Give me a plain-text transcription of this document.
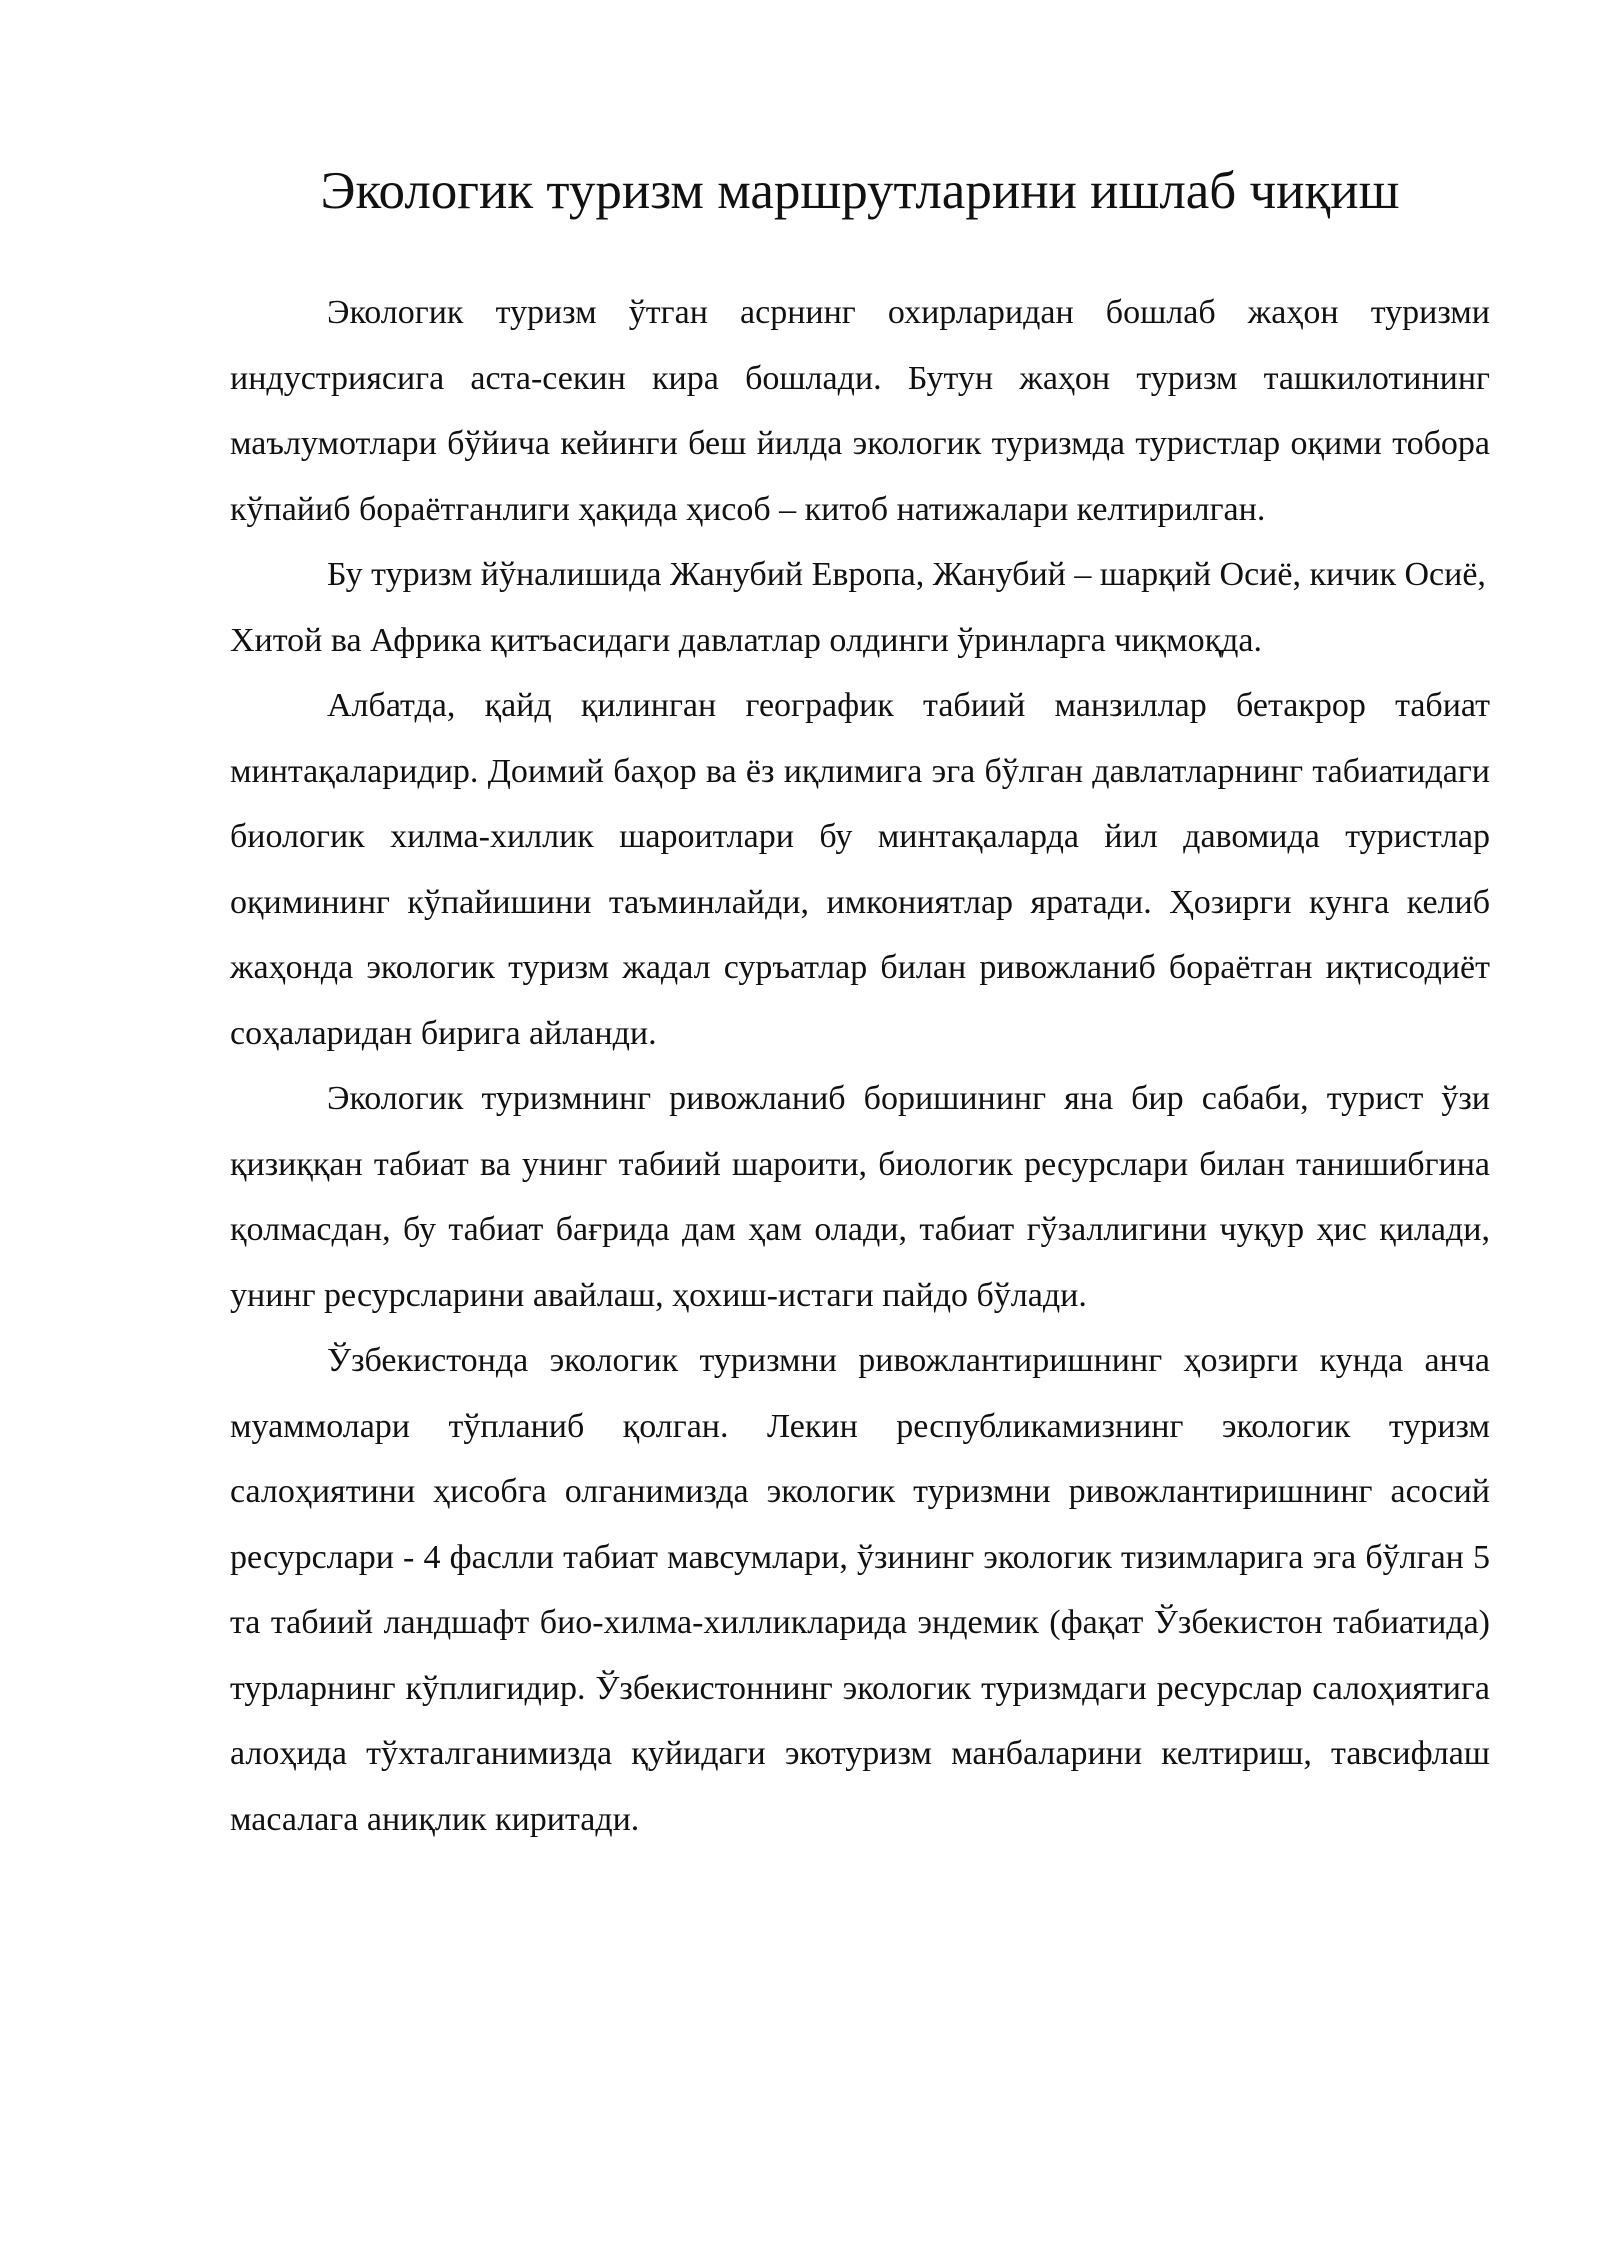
Экологик туризм маршрутларини ишлаб чиқиш

Экологик туризм ўтган асрнинг охирларидан бошлаб жаҳон туризми индустриясига аста-секин кира бошлади. Бутун жаҳон туризм ташкилотининг маълумотлари бўйича кейинги беш йилда экологик туризмда туристлар оқими тобора кўпайиб бораётганлиги ҳақида ҳисоб – китоб натижалари келтирилган.

Бу туризм йўналишида Жанубий Европа, Жанубий – шарқий Осиё, кичик Осиё, Хитой ва Африка қитъасидаги давлатлар олдинги ўринларга чиқмоқда.

Албатда, қайд қилинган географик табиий манзиллар бетакрор табиат минтақаларидир. Доимий баҳор ва ёз иқлимига эга бўлган давлатларнинг табиатидаги биологик хилма-хиллик шароитлари бу минтақаларда йил давомида туристлар оқимининг кўпайишини таъминлайди, имкониятлар яратади. Ҳозирги кунга келиб жаҳонда экологик туризм жадал суръатлар билан ривожланиб бораётган иқтисодиёт соҳаларидан бирига айланди.

Экологик туризмнинг ривожланиб боришининг яна бир сабаби, турист ўзи қизиққан табиат ва унинг табиий шароити, биологик ресурслари билан танишибгина қолмасдан, бу табиат бағрида дам ҳам олади, табиат гўзаллигини чуқур ҳис қилади, унинг ресурсларини авайлаш, ҳохиш-истаги пайдо бўлади.

Ўзбекистонда экологик туризмни ривожлантиришнинг ҳозирги кунда анча муаммолари тўпланиб қолган. Лекин республикамизнинг экологик туризм салоҳиятини ҳисобга олганимизда экологик туризмни ривожлантиришнинг асосий ресурслари - 4 фаслли табиат мавсумлари, ўзининг экологик тизимларига эга бўлган 5 та табиий ландшафт био-хилма-хилликларида эндемик (фақат Ўзбекистон табиатида) турларнинг кўплигидир. Ўзбекистоннинг экологик туризмдаги ресурслар салоҳиятига алоҳида тўхталганимизда қуйидаги экотуризм манбаларини келтириш, тавсифлаш масалага аниқлик киритади.
